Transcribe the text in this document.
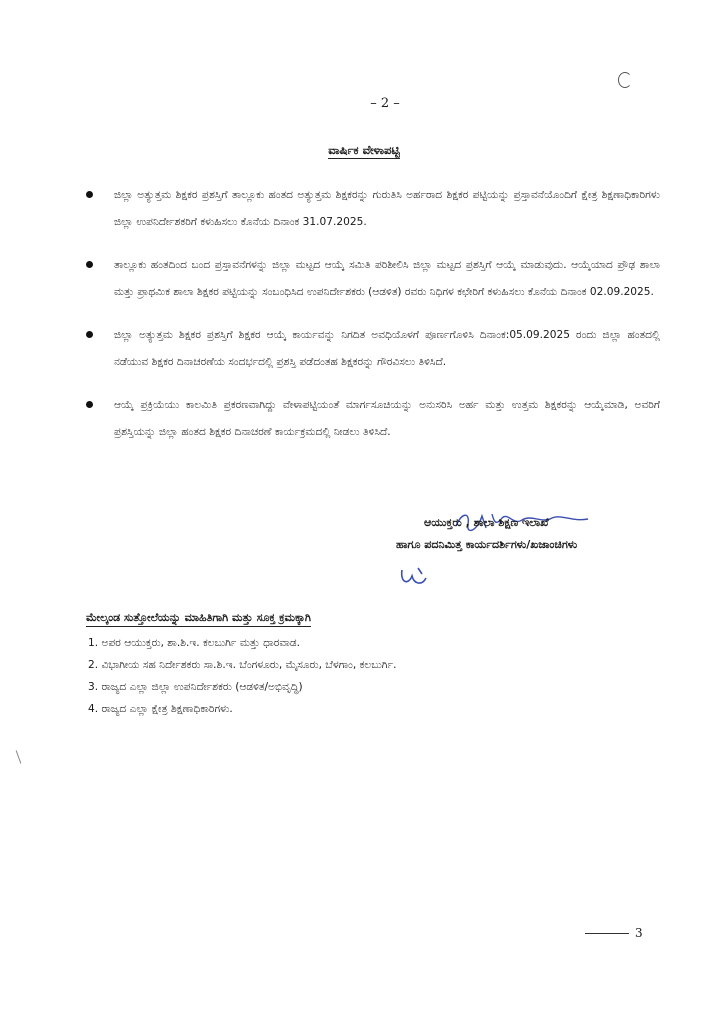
– 2 –
ವಾರ್ಷಿಕ ವೇಳಾಪಟ್ಟಿ
ಜಿಲ್ಲಾ ಅತ್ಯುತ್ತಮ ಶಿಕ್ಷಕರ ಪ್ರಶಸ್ತಿಗೆ ತಾಲ್ಲೂಕು ಹಂತದ ಅತ್ಯುತ್ತಮ ಶಿಕ್ಷಕರನ್ನು ಗುರುತಿಸಿ ಅರ್ಹರಾದ ಶಿಕ್ಷಕರ ಪಟ್ಟಿಯನ್ನು ಪ್ರಸ್ತಾವನೆಯೊಂದಿಗೆ ಕ್ಷೇತ್ರ ಶಿಕ್ಷಣಾಧಿಕಾರಿಗಳು ಜಿಲ್ಲಾ ಉಪನಿರ್ದೇಶಕರಿಗೆ ಕಳುಹಿಸಲು ಕೊನೆಯ ದಿನಾಂಕ 31.07.2025.
ತಾಲ್ಲೂಕು ಹಂತದಿಂದ ಬಂದ ಪ್ರಸ್ತಾವನೆಗಳನ್ನು ಜಿಲ್ಲಾ ಮಟ್ಟದ ಆಯ್ಕೆ ಸಮಿತಿ ಪರಿಶೀಲಿಸಿ ಜಿಲ್ಲಾ ಮಟ್ಟದ ಪ್ರಶಸ್ತಿಗೆ ಆಯ್ಕೆ ಮಾಡುವುದು. ಆಯ್ಕೆಯಾದ ಪ್ರೌಢ ಶಾಲಾ ಮತ್ತು ಪ್ರಾಥಮಿಕ ಶಾಲಾ ಶಿಕ್ಷಕರ ಪಟ್ಟಿಯನ್ನು ಸಂಬಂಧಿಸಿದ ಉಪನಿರ್ದೇಶಕರು (ಆಡಳಿತ) ರವರು ನಿಧಿಗಳ ಕಛೇರಿಗೆ ಕಳುಹಿಸಲು ಕೊನೆಯ ದಿನಾಂಕ 02.09.2025.
ಜಿಲ್ಲಾ ಅತ್ಯುತ್ತಮ ಶಿಕ್ಷಕರ ಪ್ರಶಸ್ತಿಗೆ ಶಿಕ್ಷಕರ ಆಯ್ಕೆ ಕಾರ್ಯವನ್ನು ನಿಗದಿತ ಅವಧಿಯೊಳಗೆ ಪೂರ್ಣಗೊಳಿಸಿ ದಿನಾಂಕ:05.09.2025 ರಂದು ಜಿಲ್ಲಾ ಹಂತದಲ್ಲಿ ನಡೆಯುವ ಶಿಕ್ಷಕರ ದಿನಾಚರಣೆಯ ಸಂದರ್ಭದಲ್ಲಿ ಪ್ರಶಸ್ತಿ ಪಡೆದಂತಹ ಶಿಕ್ಷಕರನ್ನು ಗೌರವಿಸಲು ತಿಳಿಸಿದೆ.
ಆಯ್ಕೆ ಪ್ರಕ್ರಿಯೆಯು ಕಾಲಮಿತಿ ಪ್ರಕರಣವಾಗಿದ್ದು ವೇಳಾಪಟ್ಟಿಯಂತೆ ಮಾರ್ಗಸೂಚಿಯನ್ನು ಅನುಸರಿಸಿ ಅರ್ಹ ಮತ್ತು ಉತ್ತಮ ಶಿಕ್ಷಕರನ್ನು ಆಯ್ಕೆಮಾಡಿ, ಅವರಿಗೆ ಪ್ರಶಸ್ತಿಯನ್ನು ಜಿಲ್ಲಾ ಹಂತದ ಶಿಕ್ಷಕರ ದಿನಾಚರಣೆ ಕಾರ್ಯಕ್ರಮದಲ್ಲಿ ನೀಡಲು ತಿಳಿಸಿದೆ.
ಆಯುಕ್ತರು , ಶಾಲಾ ಶಿಕ್ಷಣ ಇಲಾಖೆ
ಹಾಗೂ ಪದನಿಮಿತ್ತ ಕಾರ್ಯದರ್ಶಿಗಳು/ಖಜಾಂಚಿಗಳು
ಮೇಲ್ಕಂಡ ಸುತ್ತೋಲೆಯನ್ನು ಮಾಹಿತಿಗಾಗಿ ಮತ್ತು ಸೂಕ್ತ ಕ್ರಮಕ್ಕಾಗಿ
1. ಅಪರ ಆಯುಕ್ತರು, ಶಾ.ಶಿ.ಇ. ಕಲಬುರ್ಗಿ ಮತ್ತು ಧಾರವಾಡ.
2. ವಿಭಾಗೀಯ ಸಹ ನಿರ್ದೇಶಕರು ಸಾ.ಶಿ.ಇ. ಬೆಂಗಳೂರು, ಮೈಸೂರು, ಬೆಳಗಾಂ, ಕಲಬುರ್ಗಿ.
3. ರಾಜ್ಯದ ಎಲ್ಲಾ ಜಿಲ್ಲಾ ಉಪನಿರ್ದೇಶಕರು (ಆಡಳಿತ/ಅಭಿವೃದ್ಧಿ)
4. ರಾಜ್ಯದ ಎಲ್ಲಾ ಕ್ಷೇತ್ರ ಶಿಕ್ಷಣಾಧಿಕಾರಿಗಳು.
3
